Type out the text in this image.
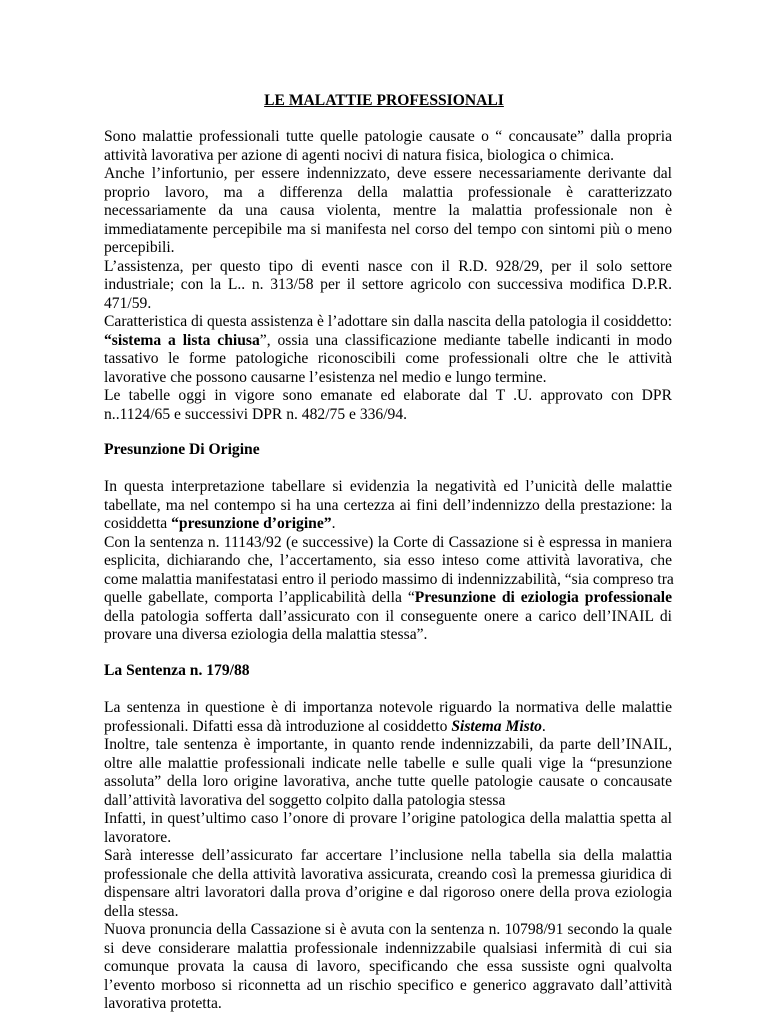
LE MALATTIE PROFESSIONALI
Sono malattie professionali tutte quelle patologie causate o “ concausate” dalla propria
attività lavorativa per azione di agenti nocivi di natura fisica, biologica o chimica.
Anche l’infortunio, per essere indennizzato, deve essere necessariamente derivante dal
proprio lavoro, ma a differenza della malattia professionale è caratterizzato
necessariamente da una causa violenta, mentre la malattia professionale non è
immediatamente percepibile ma si manifesta nel corso del tempo con sintomi più o meno
percepibili.
L’assistenza, per questo tipo di eventi nasce con il R.D. 928/29, per il solo settore
industriale; con la L.. n. 313/58 per il settore agricolo con successiva modifica D.P.R.
471/59.
Caratteristica di questa assistenza è l’adottare sin dalla nascita della patologia il cosiddetto:
“sistema a lista chiusa”, ossia una classificazione mediante tabelle indicanti in modo
tassativo le forme patologiche riconoscibili come professionali oltre che le attività
lavorative che possono causarne l’esistenza nel medio e lungo termine.
Le tabelle oggi in vigore sono emanate ed elaborate dal T .U. approvato con DPR
n..1124/65 e successivi DPR n. 482/75 e 336/94.
Presunzione Di Origine
In questa interpretazione tabellare si evidenzia la negatività ed l’unicità delle malattie
tabellate, ma nel contempo si ha una certezza ai fini dell’indennizzo della prestazione: la
cosiddetta “presunzione d’origine”.
Con la sentenza n. 11143/92 (e successive) la Corte di Cassazione si è espressa in maniera
esplicita, dichiarando che, l’accertamento, sia esso inteso come attività lavorativa, che
come malattia manifestatasi entro il periodo massimo di indennizzabilità, “sia compreso tra
quelle gabellate, comporta l’applicabilità della “Presunzione di eziologia professionale
della patologia sofferta dall’assicurato con il conseguente onere a carico dell’INAIL di
provare una diversa eziologia della malattia stessa”.
La Sentenza n. 179/88
La sentenza in questione è di importanza notevole riguardo la normativa delle malattie
professionali. Difatti essa dà introduzione al cosiddetto Sistema Misto.
Inoltre, tale sentenza è importante, in quanto rende indennizzabili, da parte dell’INAIL,
oltre alle malattie professionali indicate nelle tabelle e sulle quali vige la “presunzione
assoluta” della loro origine lavorativa, anche tutte quelle patologie causate o concausate
dall’attività lavorativa del soggetto colpito dalla patologia stessa
Infatti, in quest’ultimo caso l’onore di provare l’origine patologica della malattia spetta al
lavoratore.
Sarà interesse dell’assicurato far accertare l’inclusione nella tabella sia della malattia
professionale che della attività lavorativa assicurata, creando così la premessa giuridica di
dispensare altri lavoratori dalla prova d’origine e dal rigoroso onere della prova eziologia
della stessa.
Nuova pronuncia della Cassazione si è avuta con la sentenza n. 10798/91 secondo la quale
si deve considerare malattia professionale indennizzabile qualsiasi infermità di cui sia
comunque provata la causa di lavoro, specificando che essa sussiste ogni qualvolta
l’evento morboso si riconnetta ad un rischio specifico e generico aggravato dall’attività
lavorativa protetta.
